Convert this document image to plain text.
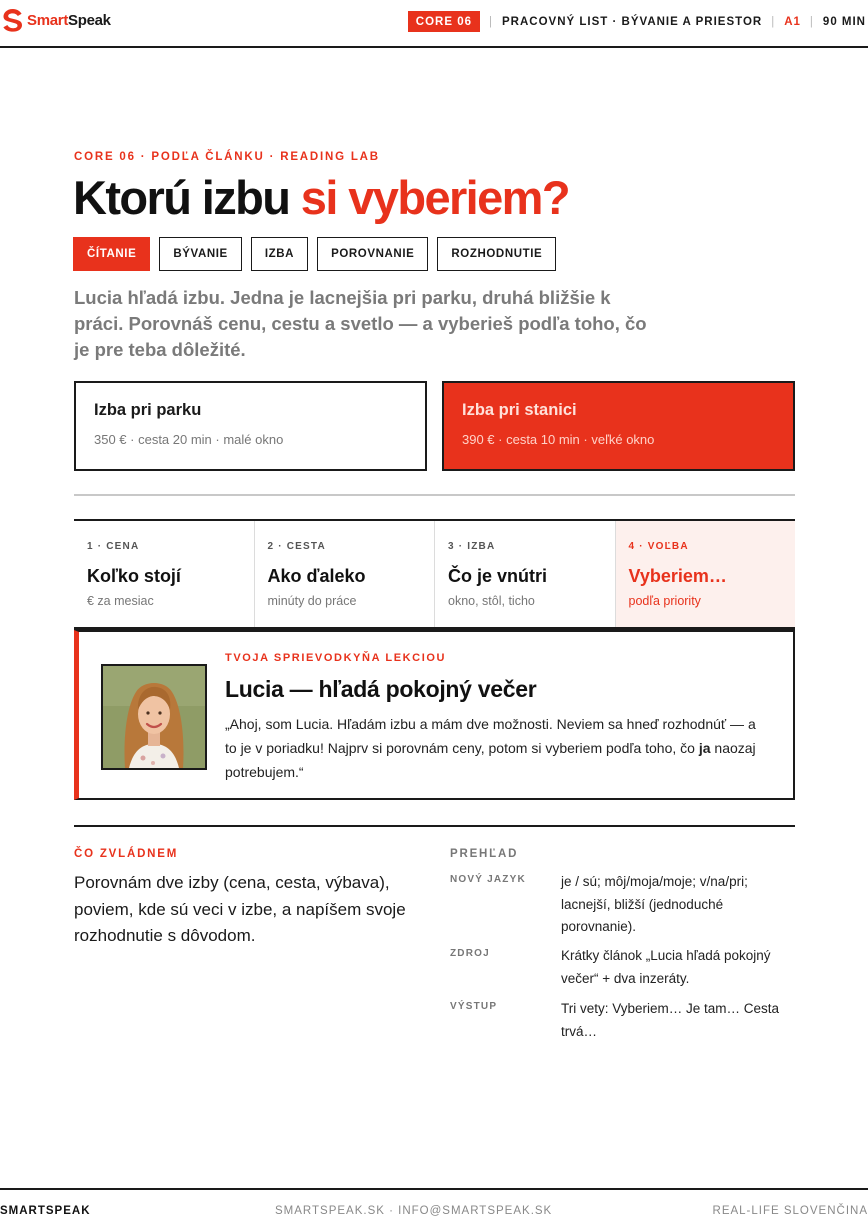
SmartSpeak	CORE 06	| PRACOVNÝ LIST · BÝVANIE A PRIESTOR | A1 | 90 MIN
CORE 06 · PODĽA ČLÁNKU · READING LAB
Ktorú izbu si vyberiem?
ČÍTANIE	BÝVANIE	IZBA	POROVNANIE	ROZHODNUTIE

Lucia hľadá izbu. Jedna je lacnejšia pri parku, druhá bližšie k práci. Porovnáš cenu, cestu a svetlo — a vyberieš podľa toho, čo je pre teba dôležité.

Izba pri parku
350 € · cesta 20 min · malé okno
Izba pri stanici
390 € · cesta 10 min · veľké okno
1 · CENA
Koľko stojí
€ za mesiac
2 · CESTA
Ako ďaleko
minúty do práce
3 · IZBA
Čo je vnútri
okno, stôl, ticho
4 · VOĽBA
Vyberiem…
podľa priority
TVOJA SPRIEVODKYŇA LEKCIOU
Lucia — hľadá pokojný večer

„Ahoj, som Lucia. Hľadám izbu a mám dve možnosti. Neviem sa hneď rozhodnúť — a to je v poriadku! Najprv si porovnám ceny, potom si vyberiem podľa toho, čo ja naozaj potrebujem.“

ČO ZVLÁDNEM

Porovnám dve izby (cena, cesta, výbava), poviem, kde sú veci v izbe, a napíšem svoje rozhodnutie s dôvodom.

PREHĽAD
NOVÝ JAZYK	je / sú; môj/moja/moje; v/na/pri; lacnejší, bližší (jednoduché porovnanie).
ZDROJ	Krátky článok „Lucia hľadá pokojný večer“ + dva inzeráty.
VÝSTUP	Tri vety: Vyberiem… Je tam… Cesta trvá…
SMARTSPEAK	SMARTSPEAK.SK · INFO@SMARTSPEAK.SK	REAL-LIFE SLOVENČINA
